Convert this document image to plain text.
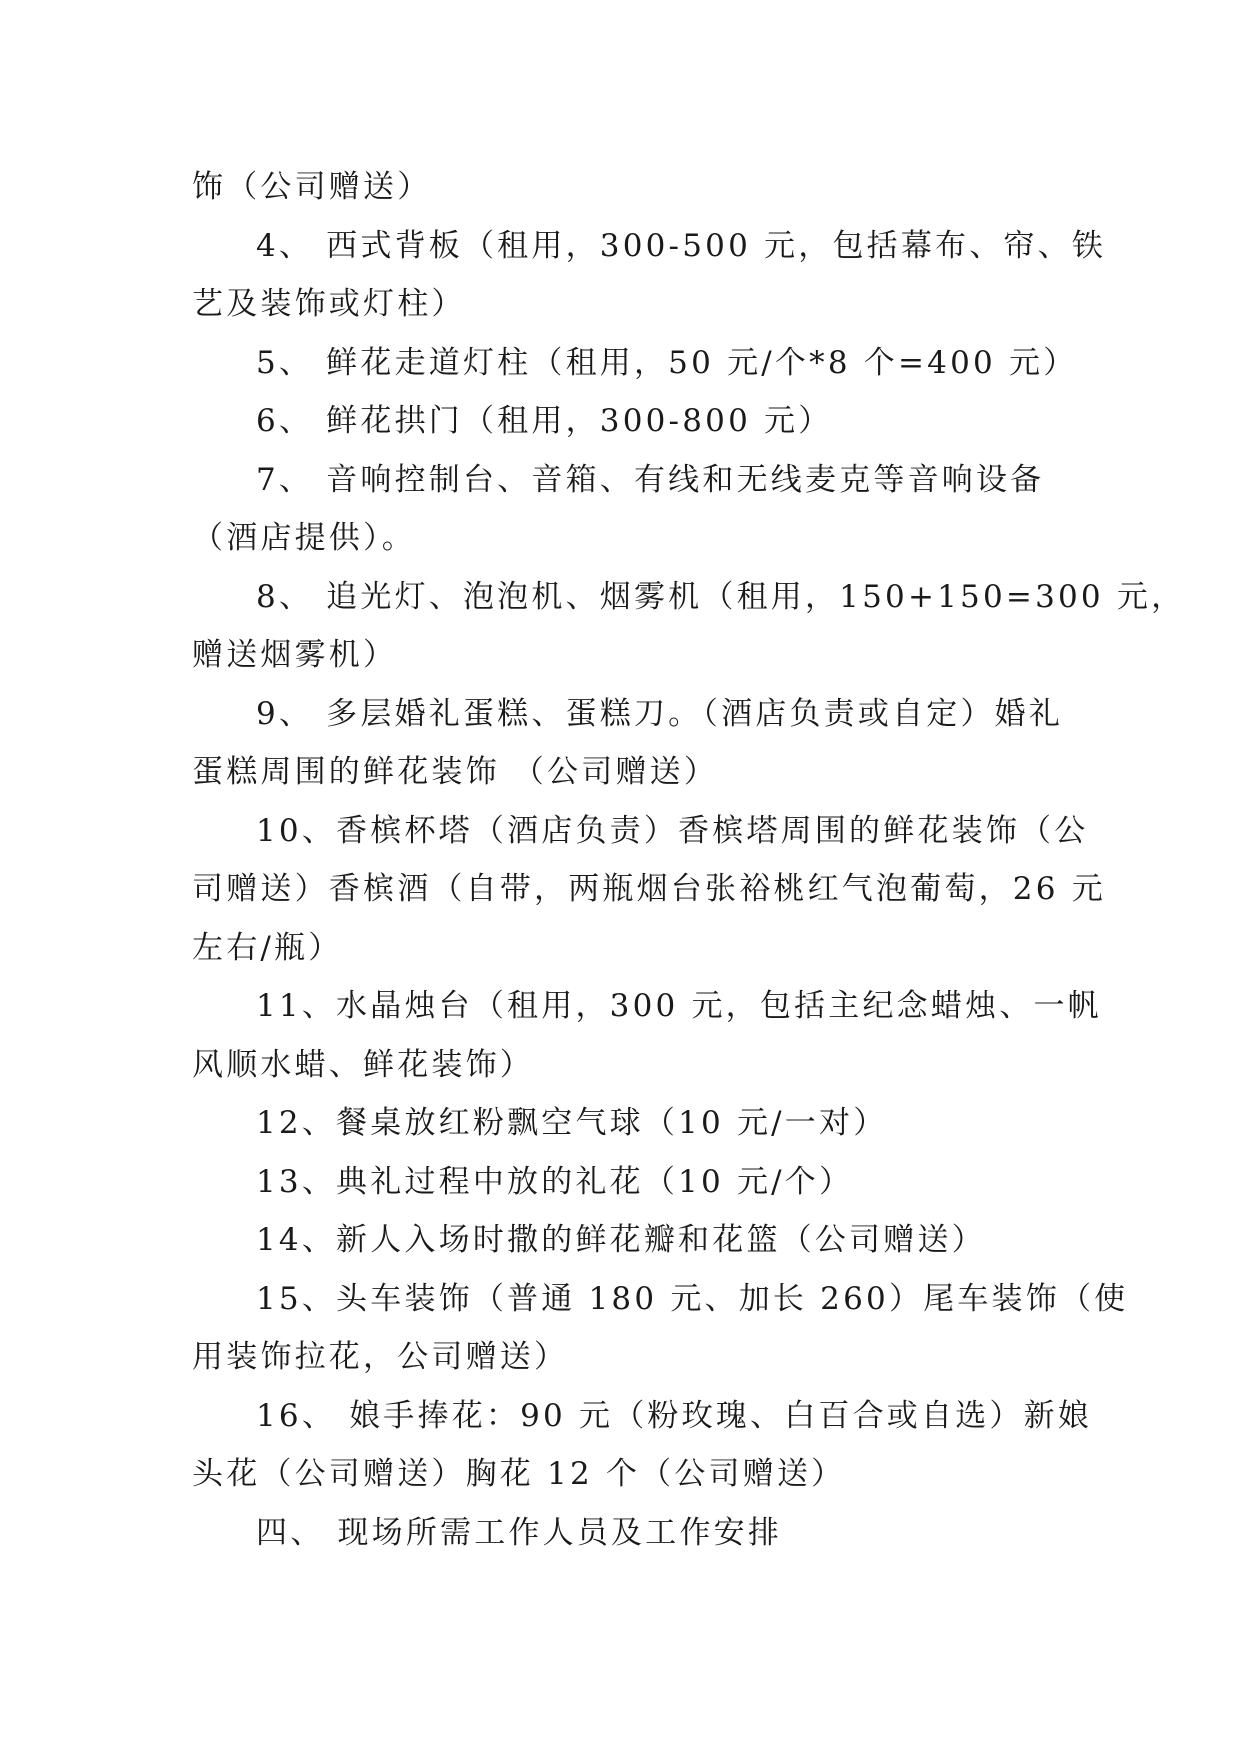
饰（公司赠送）
4、 西式背板（租用，300-500 元，包括幕布、帘、铁
艺及装饰或灯柱）
5、 鲜花走道灯柱（租用，50 元/个*8 个=400 元）
6、 鲜花拱门（租用，300-800 元）
7、 音响控制台、音箱、有线和无线麦克等音响设备
（酒店提供）。
8、 追光灯、泡泡机、烟雾机（租用，150+150=300 元，
赠送烟雾机）
9、 多层婚礼蛋糕、蛋糕刀。（酒店负责或自定）婚礼
蛋糕周围的鲜花装饰 （公司赠送）
10、香槟杯塔（酒店负责）香槟塔周围的鲜花装饰（公
司赠送）香槟酒（自带，两瓶烟台张裕桃红气泡葡萄，26 元
左右/瓶）
11、水晶烛台（租用，300 元，包括主纪念蜡烛、一帆
风顺水蜡、鲜花装饰）
12、餐桌放红粉飘空气球（10 元/一对）
13、典礼过程中放的礼花（10 元/个）
14、新人入场时撒的鲜花瓣和花篮（公司赠送）
15、头车装饰（普通 180 元、加长 260）尾车装饰（使
用装饰拉花，公司赠送）
16、 娘手捧花：90 元（粉玫瑰、白百合或自选）新娘
头花（公司赠送）胸花 12 个（公司赠送）
四、 现场所需工作人员及工作安排
